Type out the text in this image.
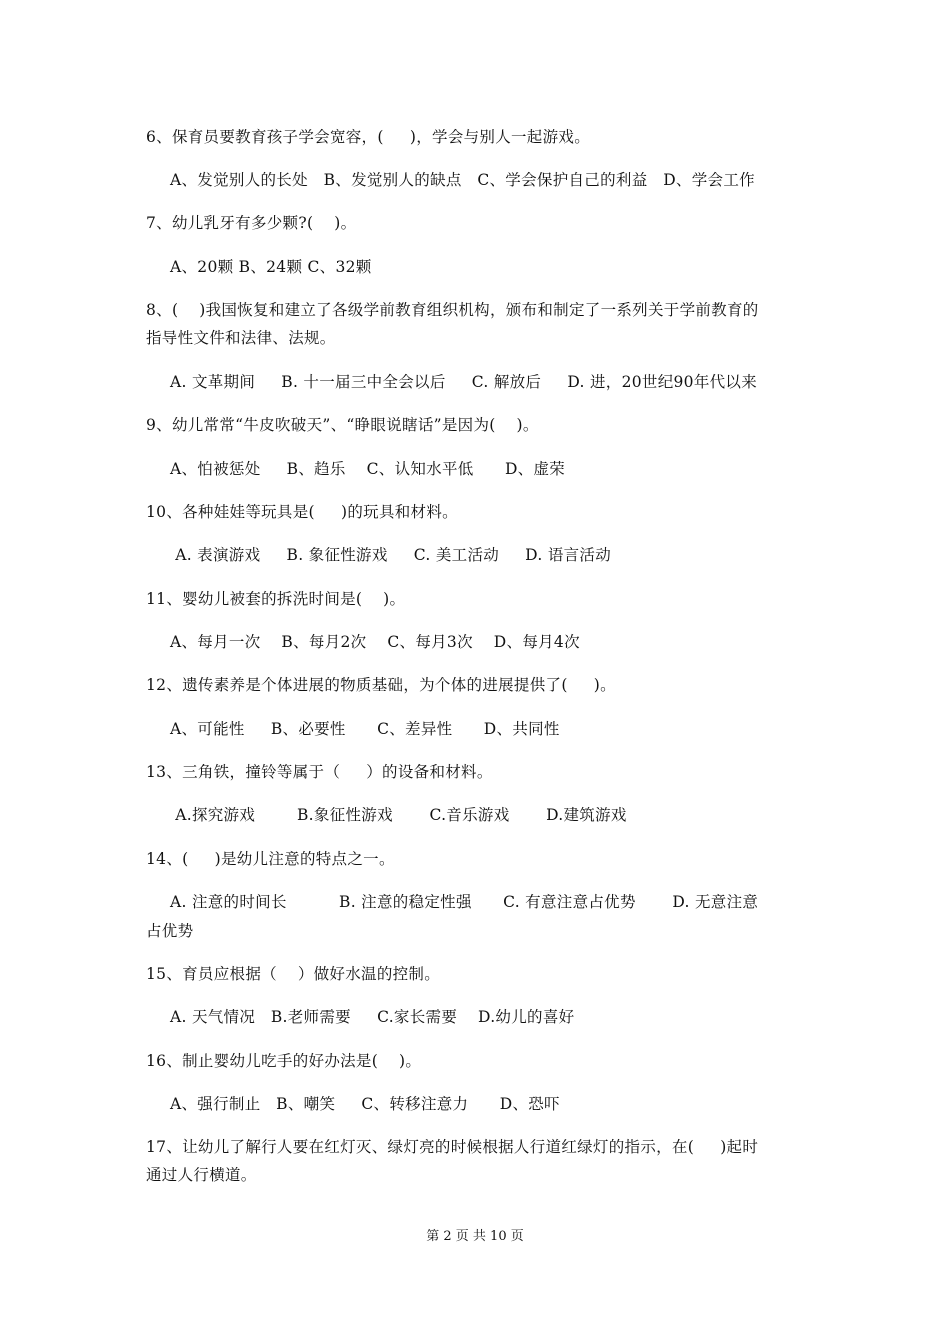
6、保育员要教育孩子学会宽容，(     )，学会与别人一起游戏。
A、发觉别人的长处   B、发觉别人的缺点   C、学会保护自己的利益   D、学会工作
7、幼儿乳牙有多少颗?(    )。
A、20颗 B、24颗 C、32颗
8、(    )我国恢复和建立了各级学前教育组织机构，颁布和制定了一系列关于学前教育的
指导性文件和法律、法规。
A. 文革期间     B. 十一届三中全会以后     C. 解放后     D. 进，20世纪90年代以来
9、幼儿常常“牛皮吹破天”、“睁眼说瞎话”是因为(    )。
A、怕被惩处     B、趋乐    C、认知水平低      D、虚荣
10、各种娃娃等玩具是(     )的玩具和材料。
A. 表演游戏     B. 象征性游戏     C. 美工活动     D. 语言活动
11、婴幼儿被套的拆洗时间是(    )。
A、每月一次    B、每月2次    C、每月3次    D、每月4次
12、遗传素养是个体进展的物质基础，为个体的进展提供了(     )。
A、可能性     B、必要性      C、差异性      D、共同性
13、三角铁，撞铃等属于（     ）的设备和材料。
A.探究游戏        B.象征性游戏       C.音乐游戏       D.建筑游戏
14、(     )是幼儿注意的特点之一。
A. 注意的时间长          B. 注意的稳定性强      C. 有意注意占优势       D. 无意注意
占优势
15、育员应根据（    ）做好水温的控制。
A. 天气情况   B.老师需要     C.家长需要    D.幼儿的喜好
16、制止婴幼儿吃手的好办法是(    )。
A、强行制止   B、嘲笑     C、转移注意力      D、恐吓
17、让幼儿了解行人要在红灯灭、绿灯亮的时候根据人行道红绿灯的指示，在(     )起时
通过人行横道。
第 2 页 共 10 页
